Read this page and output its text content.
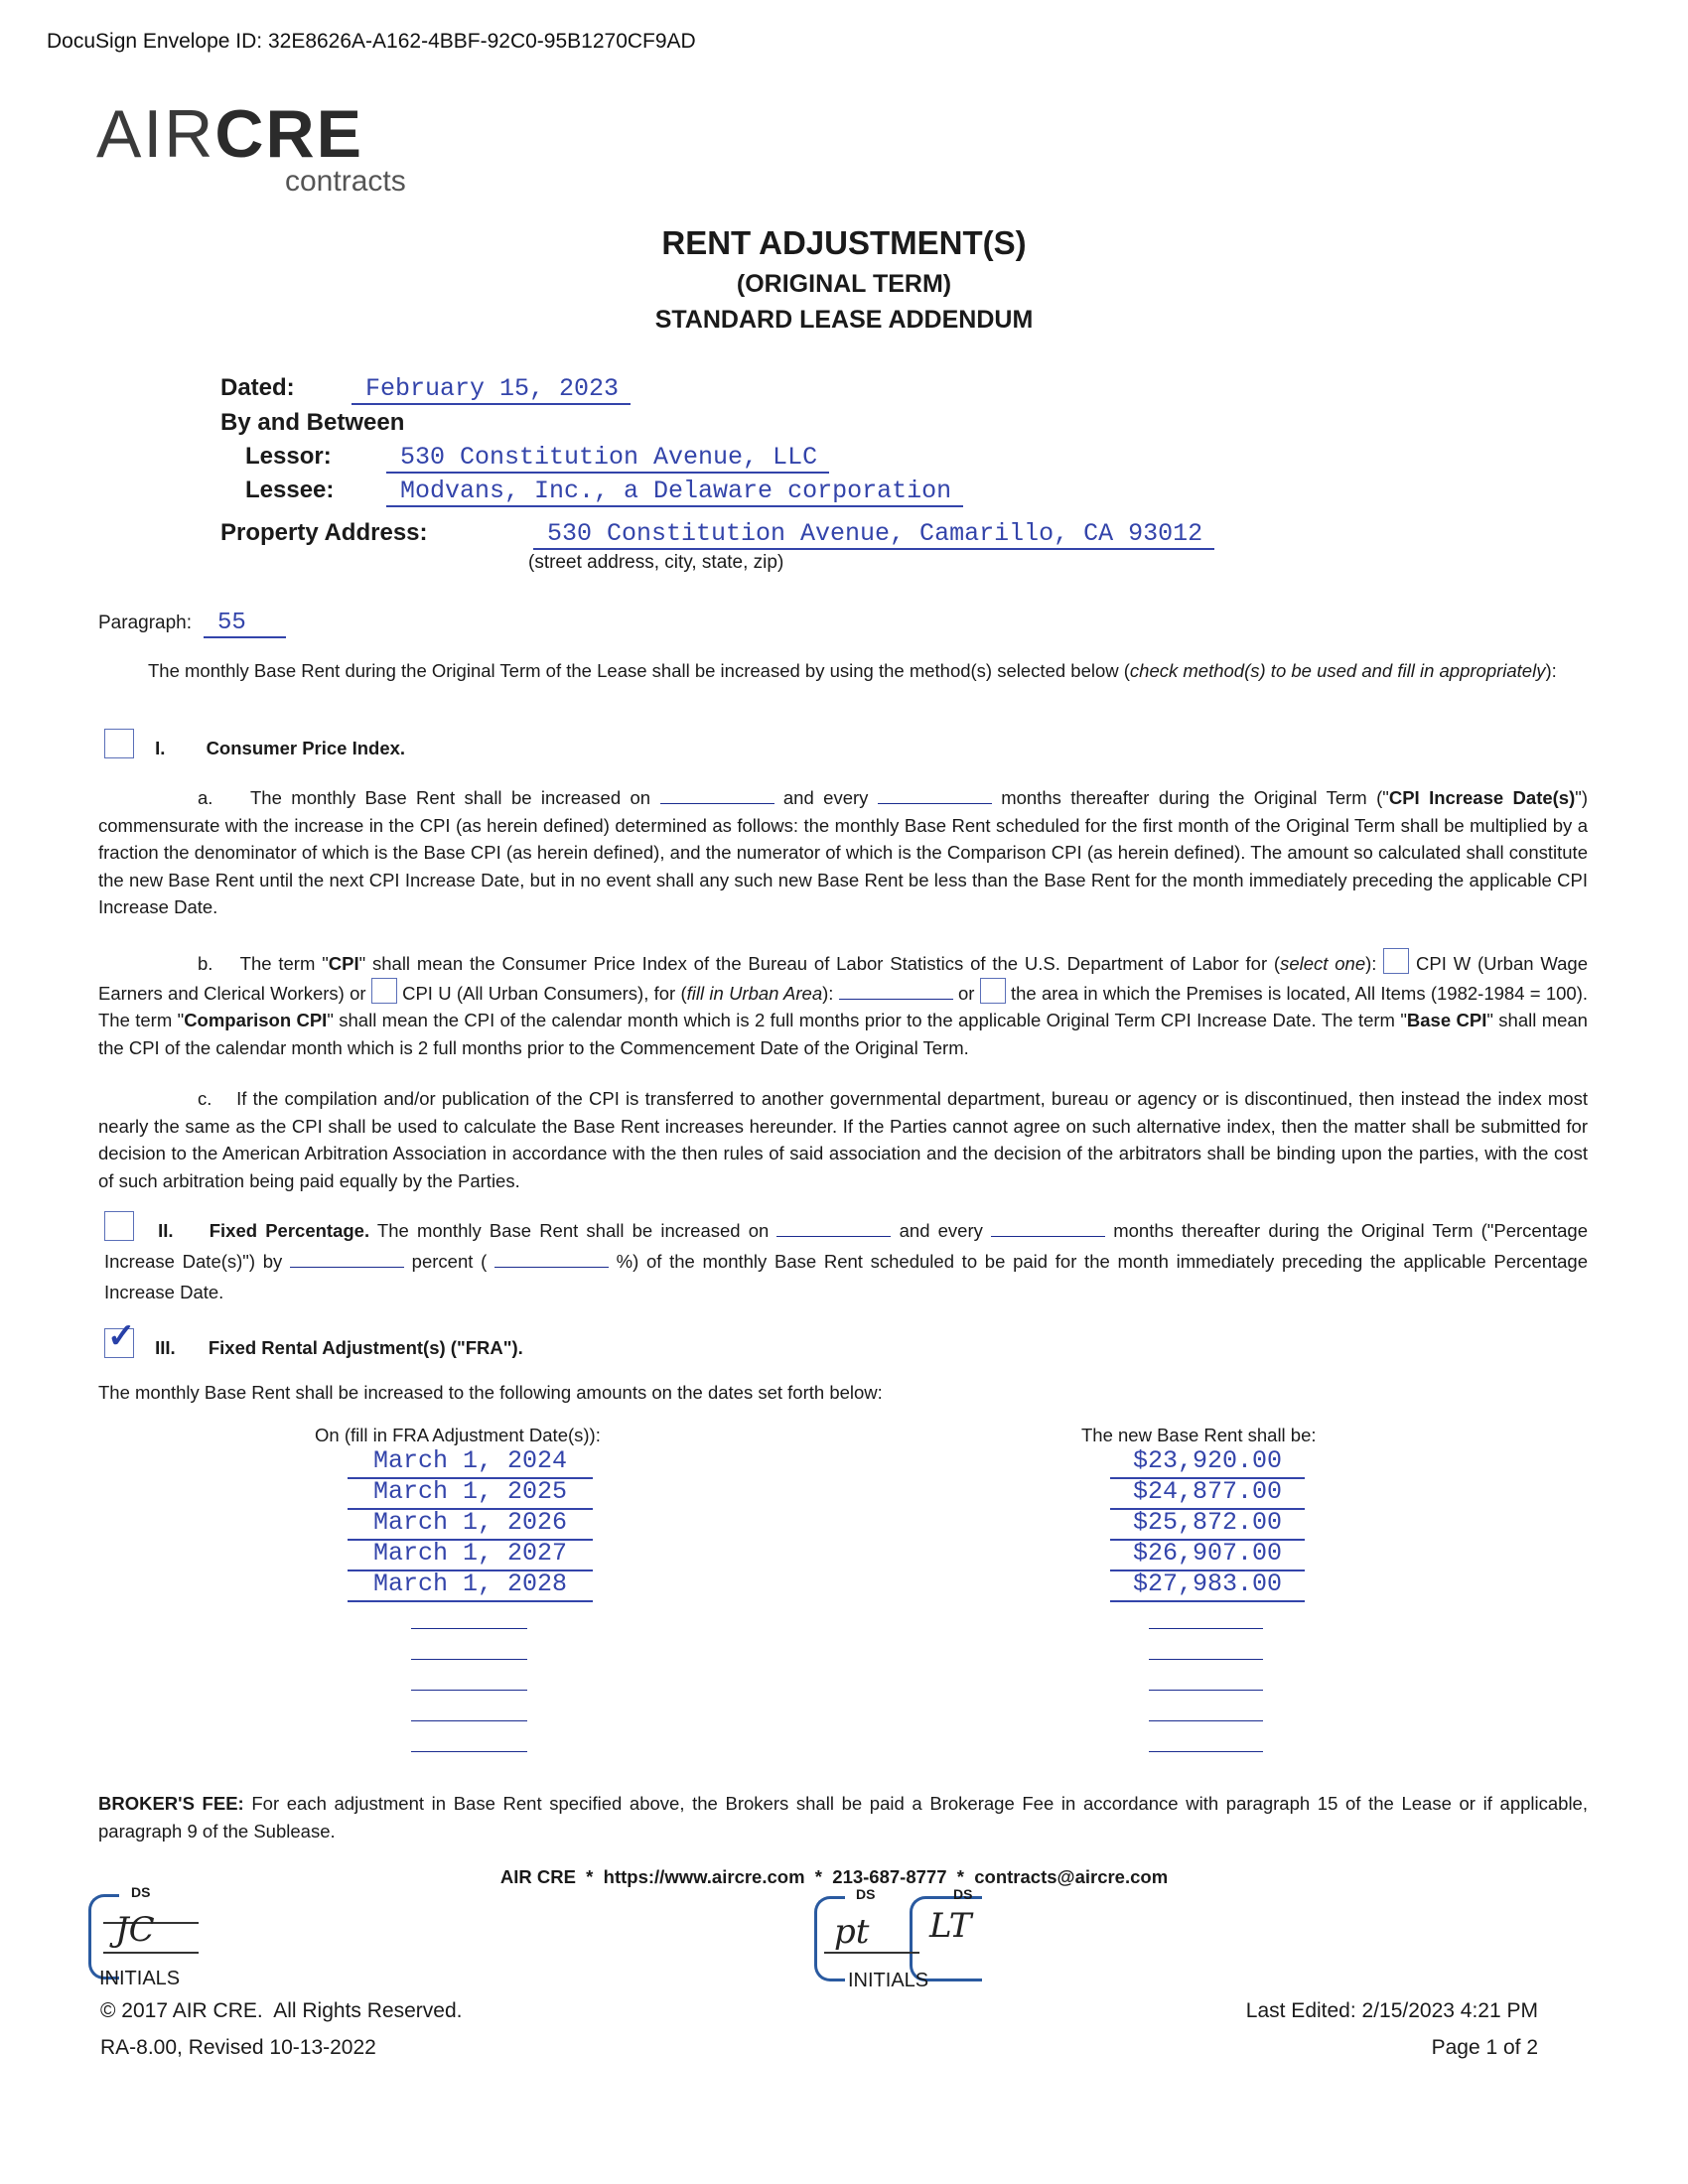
DocuSign Envelope ID: 32E8626A-A162-4BBF-92C0-95B1270CF9AD
AIRCRE
contracts
RENT ADJUSTMENT(S)
(ORIGINAL TERM)
STANDARD LEASE ADDENDUM
Dated:	February 15, 2023
By and Between
Lessor:	530 Constitution Avenue, LLC
Lessee:	Modvans, Inc., a Delaware corporation
Property Address:	530 Constitution Avenue, Camarillo, CA 93012
(street address, city, state, zip)
Paragraph:	55
The monthly Base Rent during the Original Term of the Lease shall be increased by using the method(s) selected below (check method(s) to be used and fill in appropriately):
I. Consumer Price Index.
a.    The monthly Base Rent shall be increased on	and every	months thereafter during the Original Term ("CPI Increase Date(s)") commensurate with the increase in the CPI (as herein defined) determined as follows: the monthly Base Rent scheduled for the first month of the Original Term shall be multiplied by a fraction the denominator of which is the Base CPI (as herein defined), and the numerator of which is the Comparison CPI (as herein defined). The amount so calculated shall constitute the new Base Rent until the next CPI Increase Date, but in no event shall any such new Base Rent be less than the Base Rent for the month immediately preceding the applicable CPI Increase Date.
b.    The term "CPI" shall mean the Consumer Price Index of the Bureau of Labor Statistics of the U.S. Department of Labor for (select one):  CPI W (Urban Wage Earners and Clerical Workers) or  CPI U (All Urban Consumers), for (fill in Urban Area):	or  the area in which the Premises is located, All Items (1982-1984 = 100). The term "Comparison CPI" shall mean the CPI of the calendar month which is 2 full months prior to the applicable Original Term CPI Increase Date. The term "Base CPI" shall mean the CPI of the calendar month which is 2 full months prior to the Commencement Date of the Original Term.
c.    If the compilation and/or publication of the CPI is transferred to another governmental department, bureau or agency or is discontinued, then instead the index most nearly the same as the CPI shall be used to calculate the Base Rent increases hereunder. If the Parties cannot agree on such alternative index, then the matter shall be submitted for decision to the American Arbitration Association in accordance with the then rules of said association and the decision of the arbitrators shall be binding upon the parties, with the cost of such arbitration being paid equally by the Parties.
II. Fixed Percentage. The monthly Base Rent shall be increased on	and every	months thereafter during the Original Term ("Percentage Increase Date(s)") by	percent (	%) of the monthly Base Rent scheduled to be paid for the month immediately preceding the applicable Percentage Increase Date.
✓ III. Fixed Rental Adjustment(s) ("FRA").
The monthly Base Rent shall be increased to the following amounts on the dates set forth below:
On (fill in FRA Adjustment Date(s)):	The new Base Rent shall be:
March 1, 2024	$23,920.00
March 1, 2025	$24,877.00
March 1, 2026	$25,872.00
March 1, 2027	$26,907.00
March 1, 2028	$27,983.00
BROKER'S FEE: For each adjustment in Base Rent specified above, the Brokers shall be paid a Brokerage Fee in accordance with paragraph 15 of the Lease or if applicable, paragraph 9 of the Sublease.
AIR CRE  *  https://www.aircre.com  *  213-687-8777  *  contracts@aircre.com
DS
JC
INITIALS
DS	DS
pt LT
INITIALS
© 2017 AIR CRE.  All Rights Reserved.
RA-8.00, Revised 10-13-2022
Last Edited: 2/15/2023 4:21 PM
Page 1 of 2
